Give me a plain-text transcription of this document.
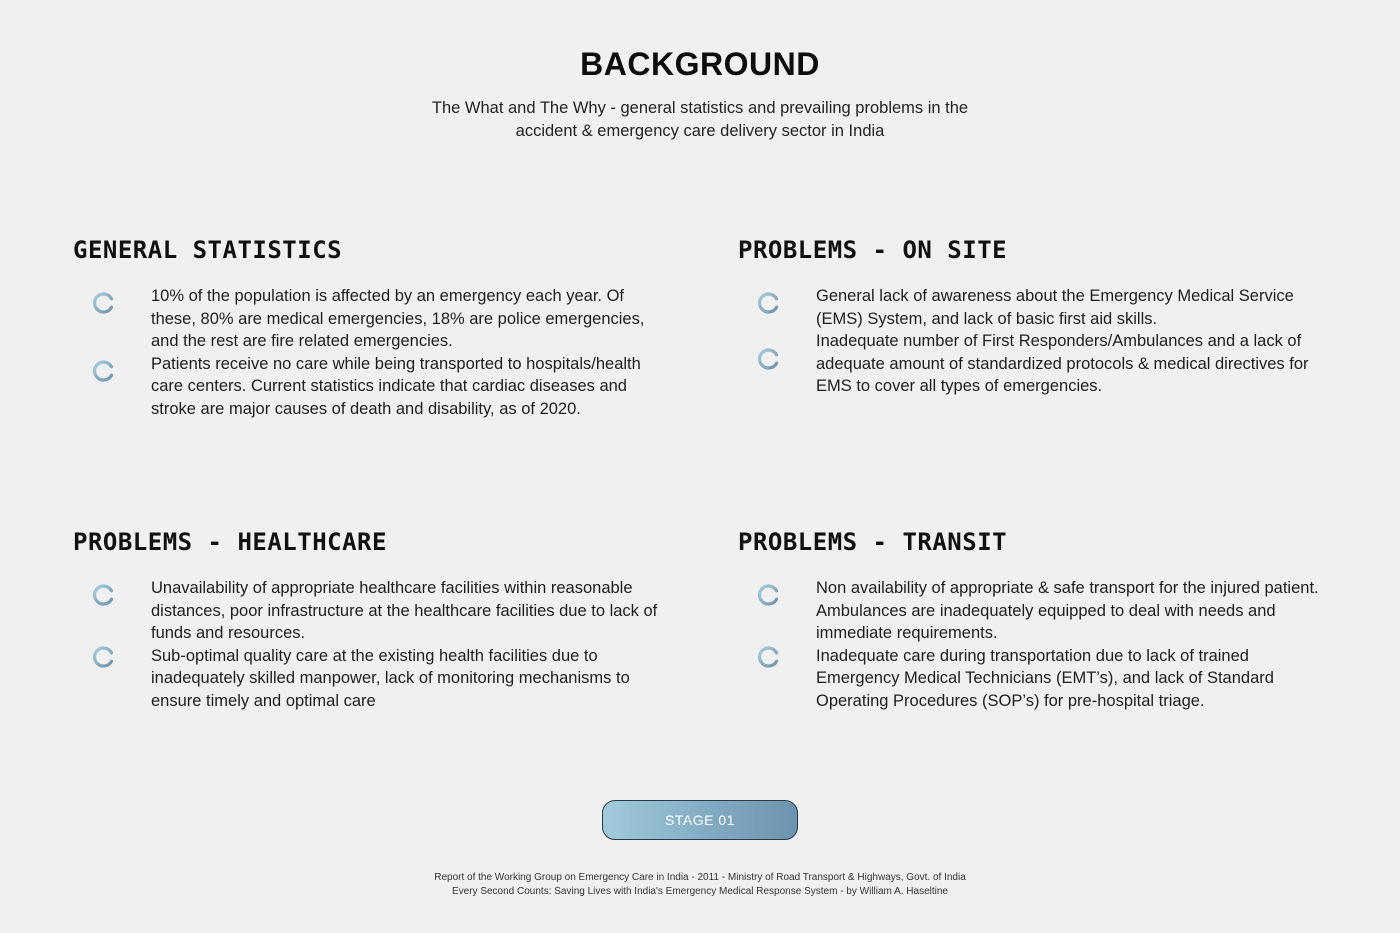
BACKGROUND
The What and The Why - general statistics and prevailing problems in the
accident & emergency care delivery sector in India
GENERAL STATISTICS
10% of the population is affected by an emergency each year. Of these, 80% are medical emergencies, 18% are police emergencies, and the rest are fire related emergencies.
Patients receive no care while being transported to hospitals/health care centers. Current statistics indicate that cardiac diseases and stroke are major causes of death and disability, as of 2020.
PROBLEMS - ON SITE
General lack of awareness about the Emergency Medical Service (EMS) System, and lack of basic first aid skills.
Inadequate number of First Responders/Ambulances and a lack of adequate amount of standardized protocols & medical directives for EMS to cover all types of emergencies.
PROBLEMS - HEALTHCARE
Unavailability of appropriate healthcare facilities within reasonable distances, poor infrastructure at the healthcare facilities due to lack of funds and resources.
Sub-optimal quality care at the existing health facilities due to inadequately skilled manpower, lack of monitoring mechanisms to ensure timely and optimal care
PROBLEMS - TRANSIT
Non availability of appropriate & safe transport for the injured patient. Ambulances are inadequately equipped to deal with needs and immediate requirements.
Inadequate care during transportation due to lack of trained Emergency Medical Technicians (EMT’s), and lack of Standard Operating Procedures (SOP’s) for pre-hospital triage.
STAGE 01
Report of the Working Group on Emergency Care in India - 2011 - Ministry of Road Transport & Highways, Govt. of India
Every Second Counts: Saving Lives with India's Emergency Medical Response System - by William A. Haseltine
